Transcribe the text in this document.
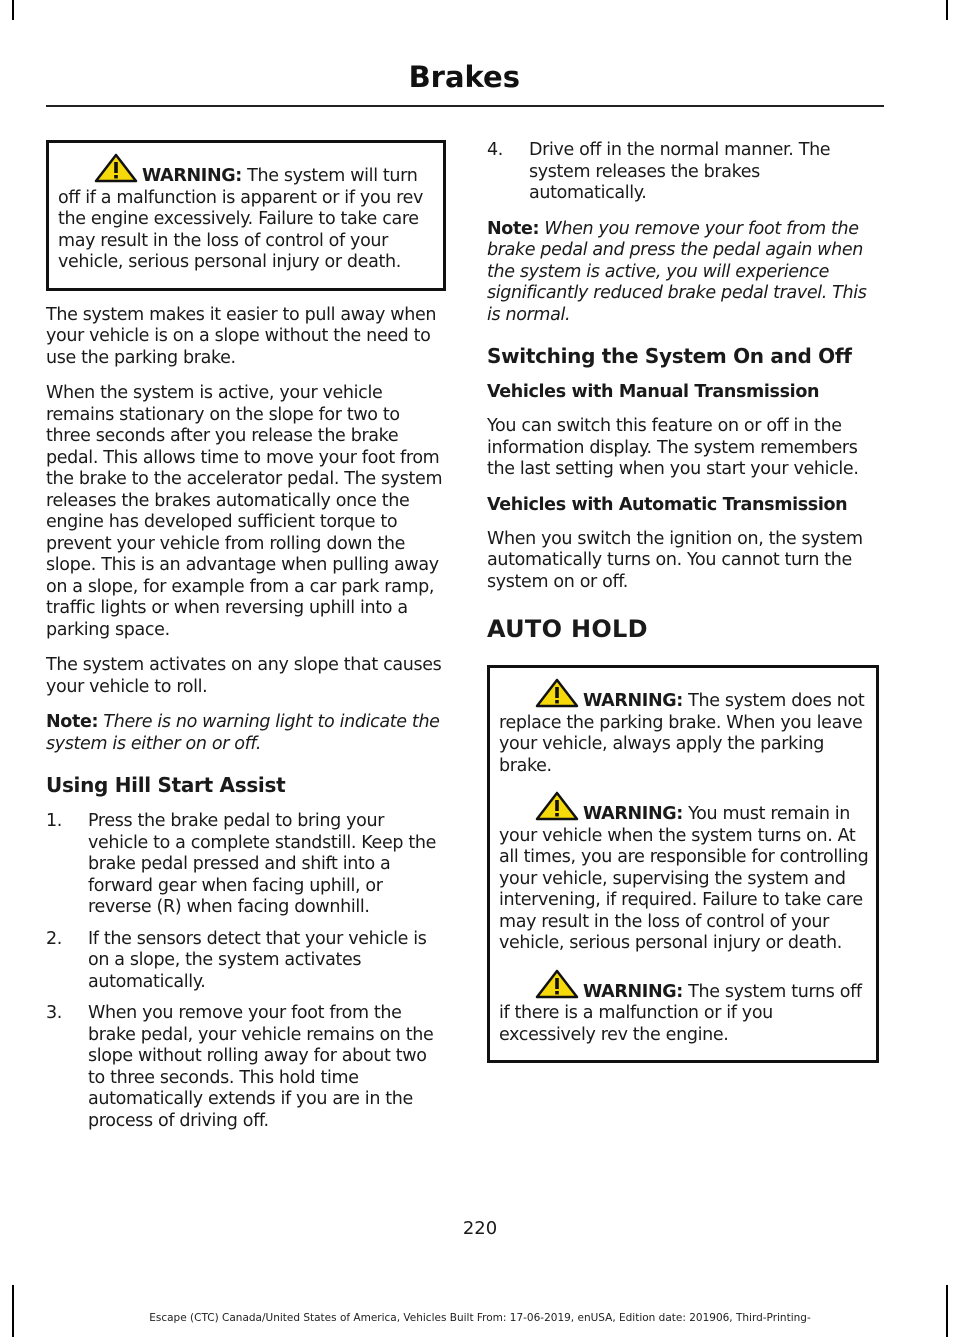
Brakes

WARNING: The system will turn off if a malfunction is apparent or if you rev the engine excessively. Failure to take care may result in the loss of control of your vehicle, serious personal injury or death.

The system makes it easier to pull away when your vehicle is on a slope without the need to use the parking brake.

When the system is active, your vehicle remains stationary on the slope for two to three seconds after you release the brake pedal. This allows time to move your foot from the brake to the accelerator pedal. The system releases the brakes automatically once the engine has developed sufficient torque to prevent your vehicle from rolling down the slope. This is an advantage when pulling away on a slope, for example from a car park ramp, traffic lights or when reversing uphill into a parking space.

The system activates on any slope that causes your vehicle to roll.

Note: There is no warning light to indicate the system is either on or off.

Using Hill Start Assist
1. Press the brake pedal to bring your vehicle to a complete standstill. Keep the brake pedal pressed and shift into a forward gear when facing uphill, or reverse (R) when facing downhill.
2. If the sensors detect that your vehicle is on a slope, the system activates automatically.
3. When you remove your foot from the brake pedal, your vehicle remains on the slope without rolling away for about two to three seconds. This hold time automatically extends if you are in the process of driving off.
4. Drive off in the normal manner. The system releases the brakes automatically.

Note: When you remove your foot from the brake pedal and press the pedal again when the system is active, you will experience significantly reduced brake pedal travel. This is normal.

Switching the System On and Off
Vehicles with Manual Transmission

You can switch this feature on or off in the information display. The system remembers the last setting when you start your vehicle.

Vehicles with Automatic Transmission

When you switch the ignition on, the system automatically turns on. You cannot turn the system on or off.

AUTO HOLD

WARNING: The system does not replace the parking brake. When you leave your vehicle, always apply the parking brake.

WARNING: You must remain in your vehicle when the system turns on. At all times, you are responsible for controlling your vehicle, supervising the system and intervening, if required. Failure to take care may result in the loss of control of your vehicle, serious personal injury or death.

WARNING: The system turns off if there is a malfunction or if you excessively rev the engine.

220
Escape (CTC) Canada/United States of America, Vehicles Built From: 17-06-2019, enUSA, Edition date: 201906, Third-Printing-
